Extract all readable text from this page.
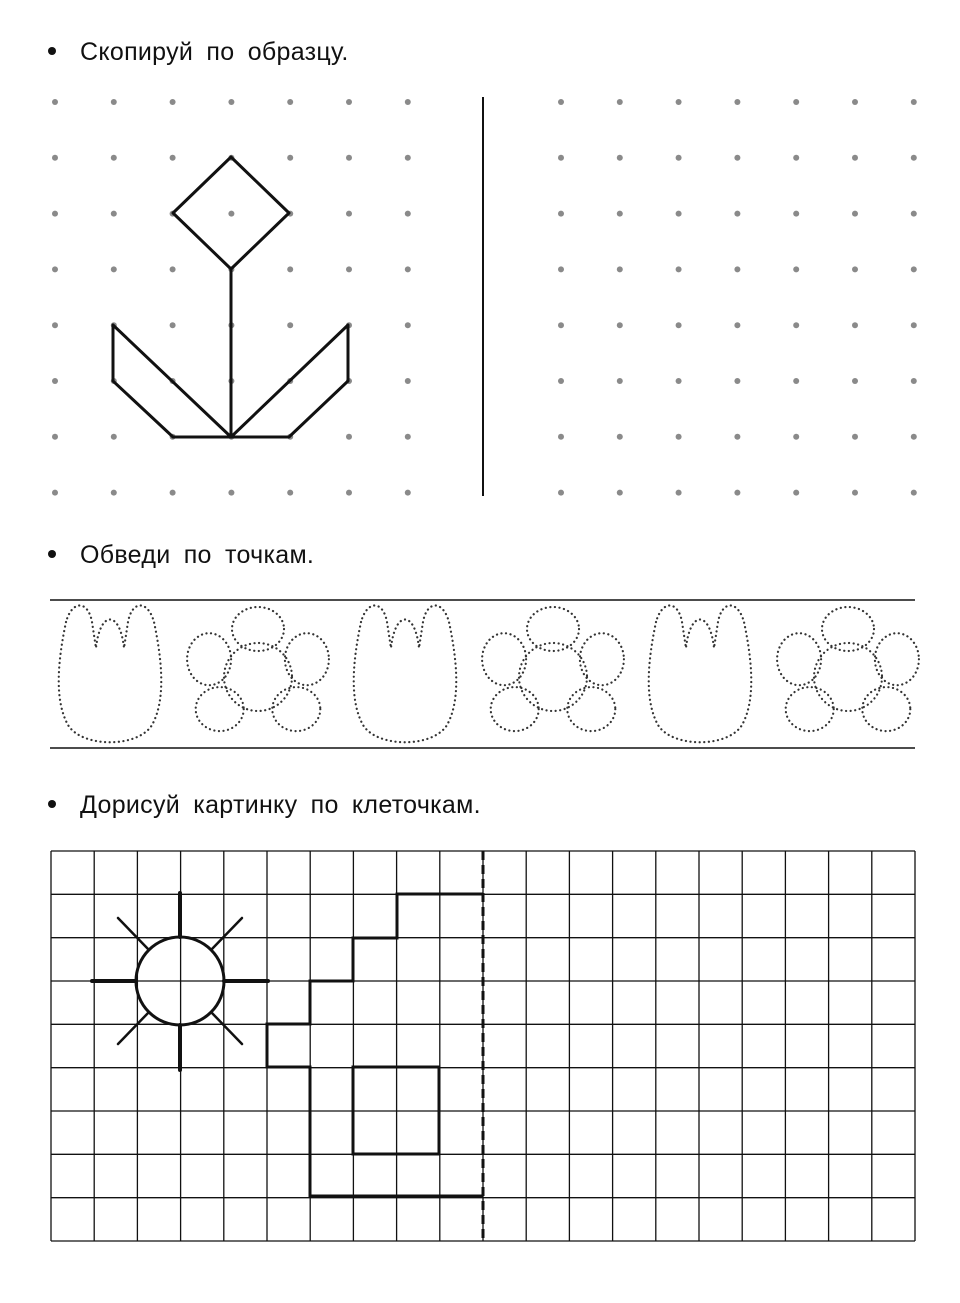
Скопируй по образцу.
Обведи по точкам.
Дорисуй картинку по клеточкам.
